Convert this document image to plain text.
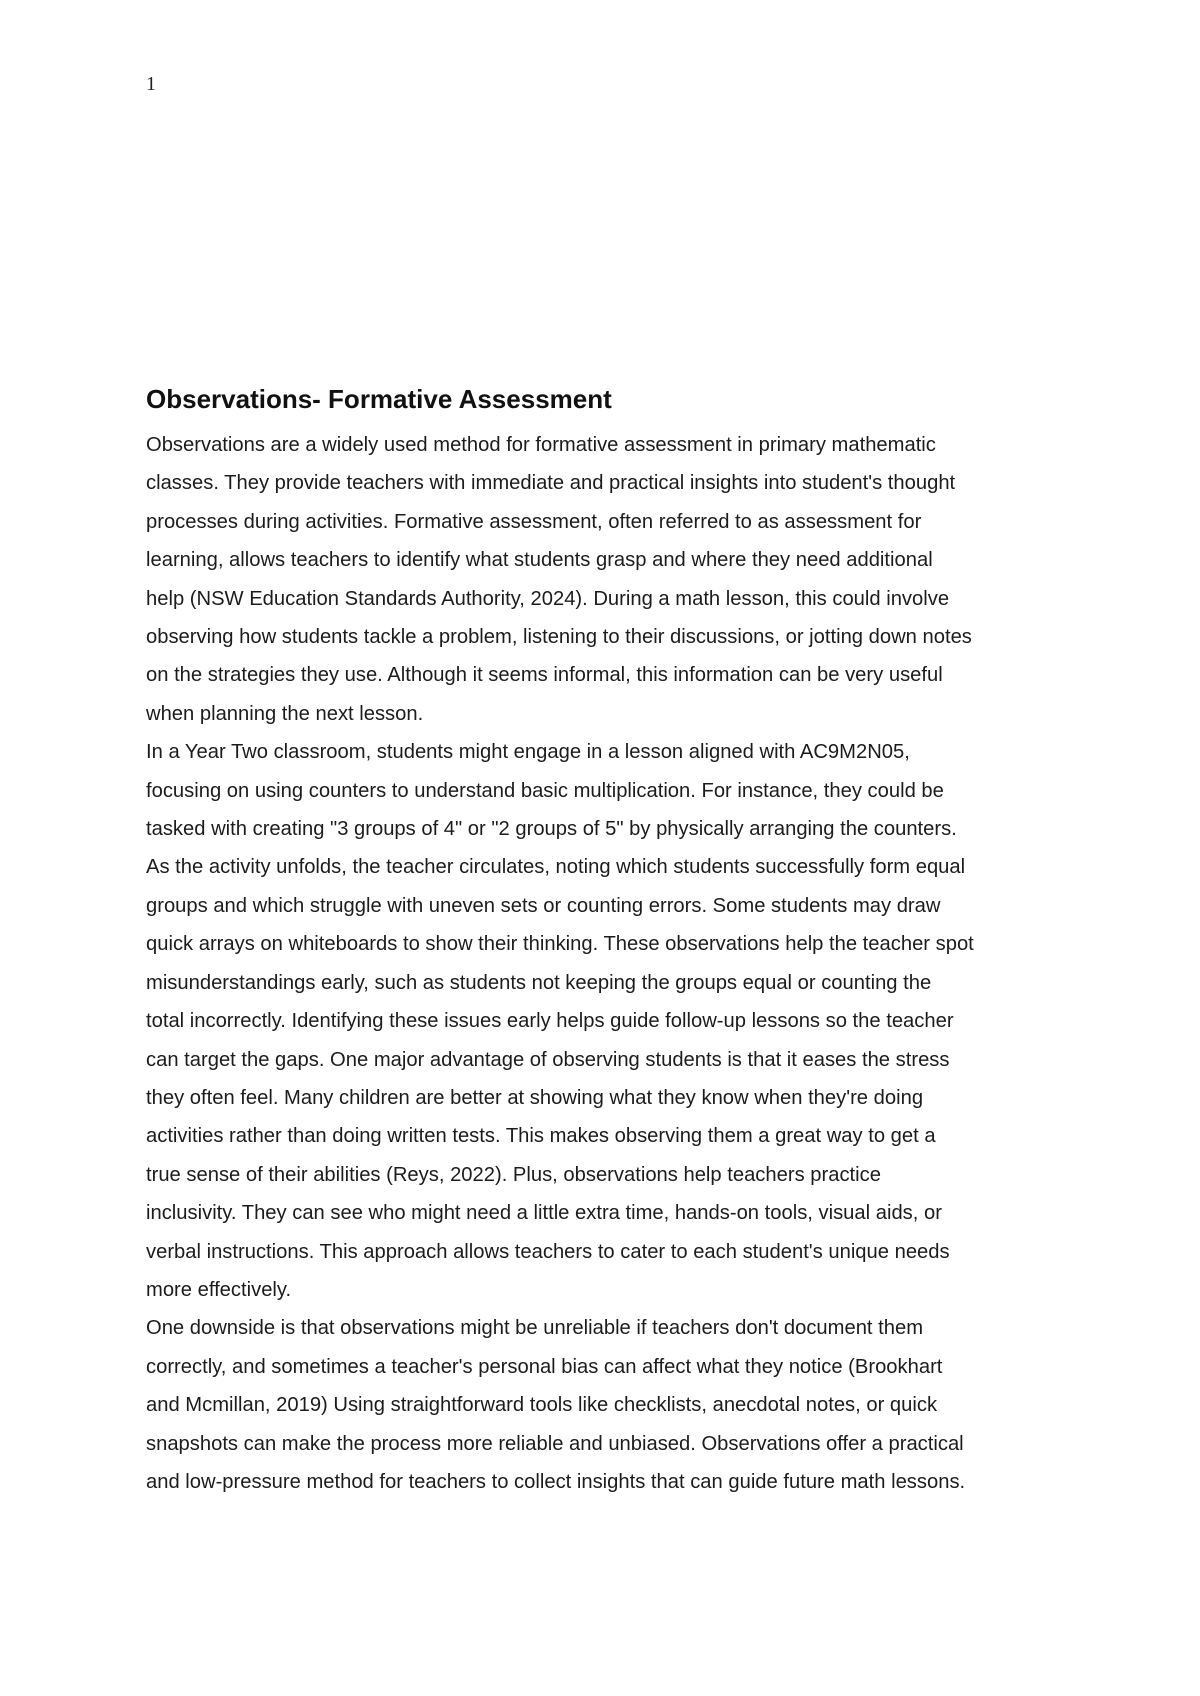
1
Observations- Formative Assessment

Observations are a widely used method for formative assessment in primary mathematic
classes. They provide teachers with immediate and practical insights into student's thought
processes during activities. Formative assessment, often referred to as assessment for
learning, allows teachers to identify what students grasp and where they need additional
help (NSW Education Standards Authority, 2024). During a math lesson, this could involve
observing how students tackle a problem, listening to their discussions, or jotting down notes
on the strategies they use. Although it seems informal, this information can be very useful
when planning the next lesson.

In a Year Two classroom, students might engage in a lesson aligned with AC9M2N05,
focusing on using counters to understand basic multiplication. For instance, they could be
tasked with creating "3 groups of 4" or "2 groups of 5" by physically arranging the counters.
As the activity unfolds, the teacher circulates, noting which students successfully form equal
groups and which struggle with uneven sets or counting errors. Some students may draw
quick arrays on whiteboards to show their thinking. These observations help the teacher spot
misunderstandings early, such as students not keeping the groups equal or counting the
total incorrectly. Identifying these issues early helps guide follow-up lessons so the teacher
can target the gaps. One major advantage of observing students is that it eases the stress
they often feel. Many children are better at showing what they know when they're doing
activities rather than doing written tests. This makes observing them a great way to get a
true sense of their abilities (Reys, 2022). Plus, observations help teachers practice
inclusivity. They can see who might need a little extra time, hands-on tools, visual aids, or
verbal instructions. This approach allows teachers to cater to each student's unique needs
more effectively.

One downside is that observations might be unreliable if teachers don't document them
correctly, and sometimes a teacher's personal bias can affect what they notice (Brookhart
and Mcmillan, 2019) Using straightforward tools like checklists, anecdotal notes, or quick
snapshots can make the process more reliable and unbiased. Observations offer a practical
and low-pressure method for teachers to collect insights that can guide future math lessons.
